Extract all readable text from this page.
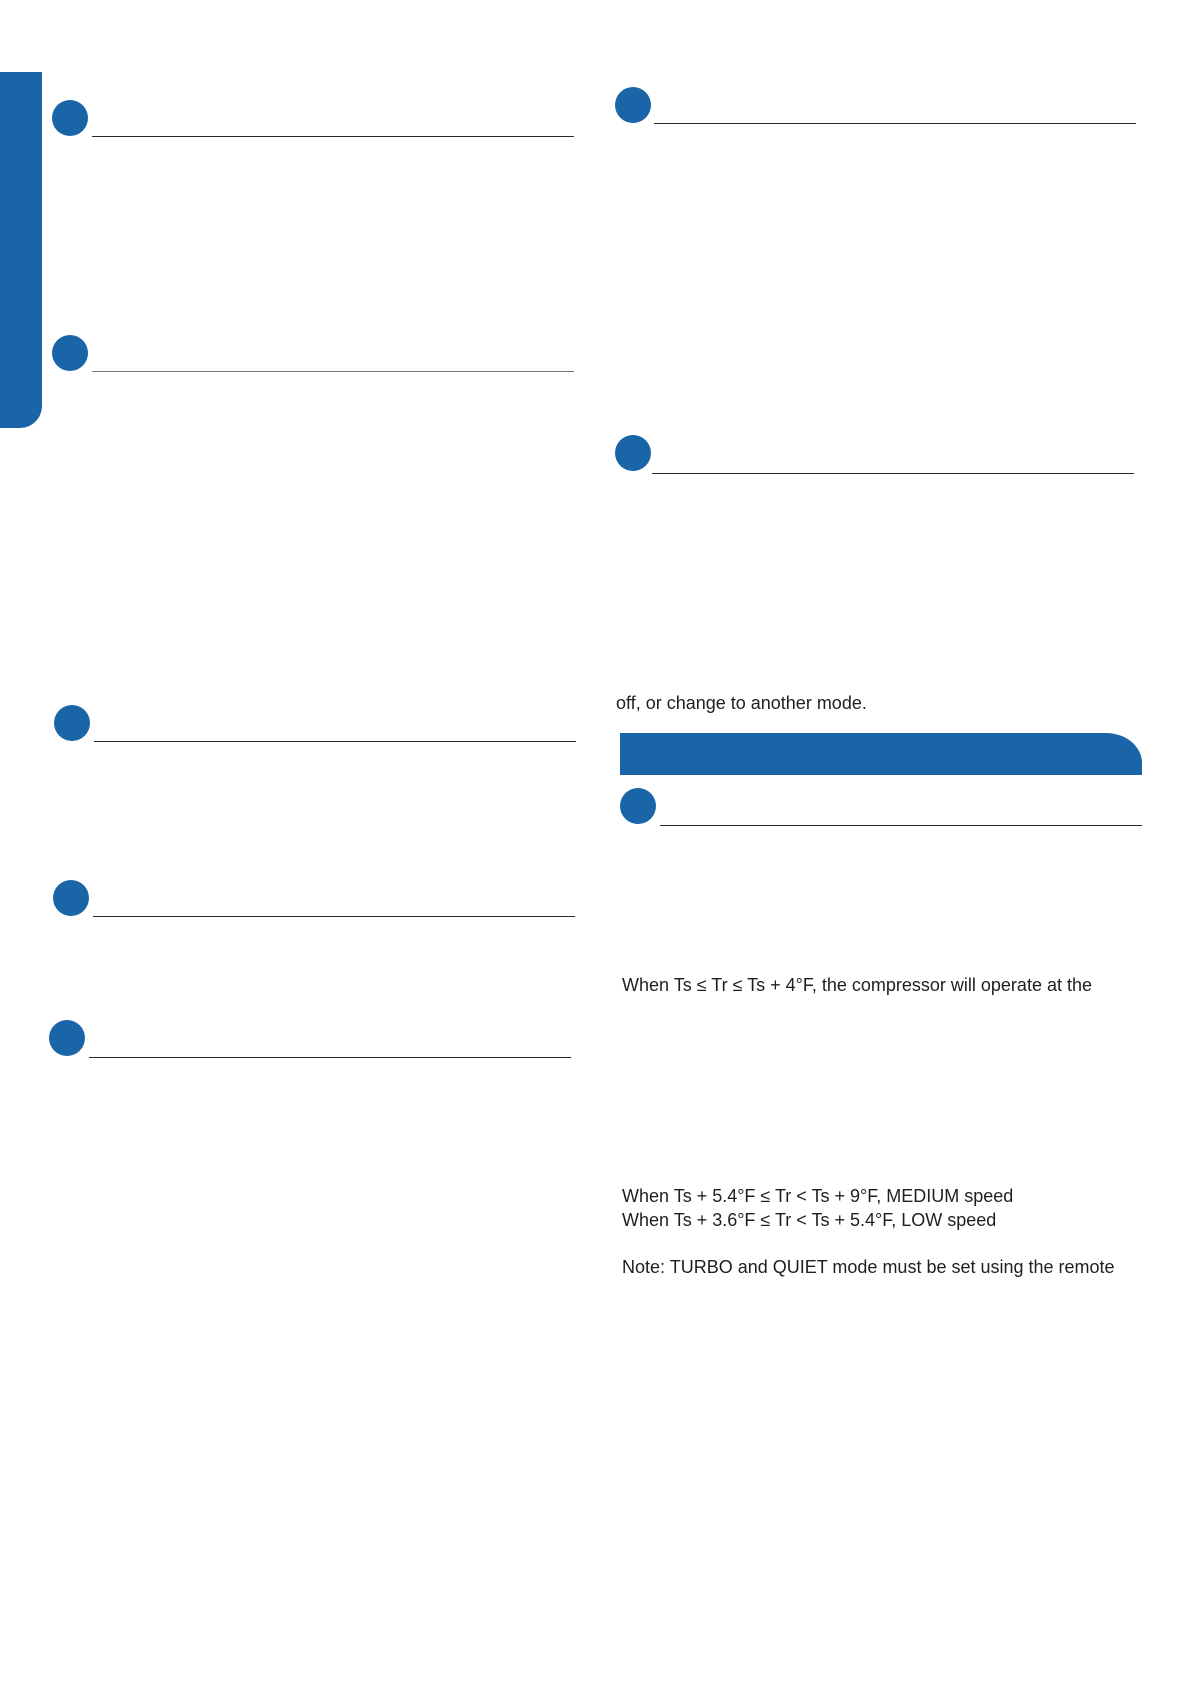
off, or change to another mode.
When Ts ≤ Tr ≤ Ts + 4°F, the compressor will operate at the
When Ts + 5.4°F ≤ Tr < Ts + 9°F, MEDIUM speed
When Ts + 3.6°F ≤ Tr < Ts + 5.4°F, LOW speed
Note: TURBO and QUIET mode must be set using the remote
